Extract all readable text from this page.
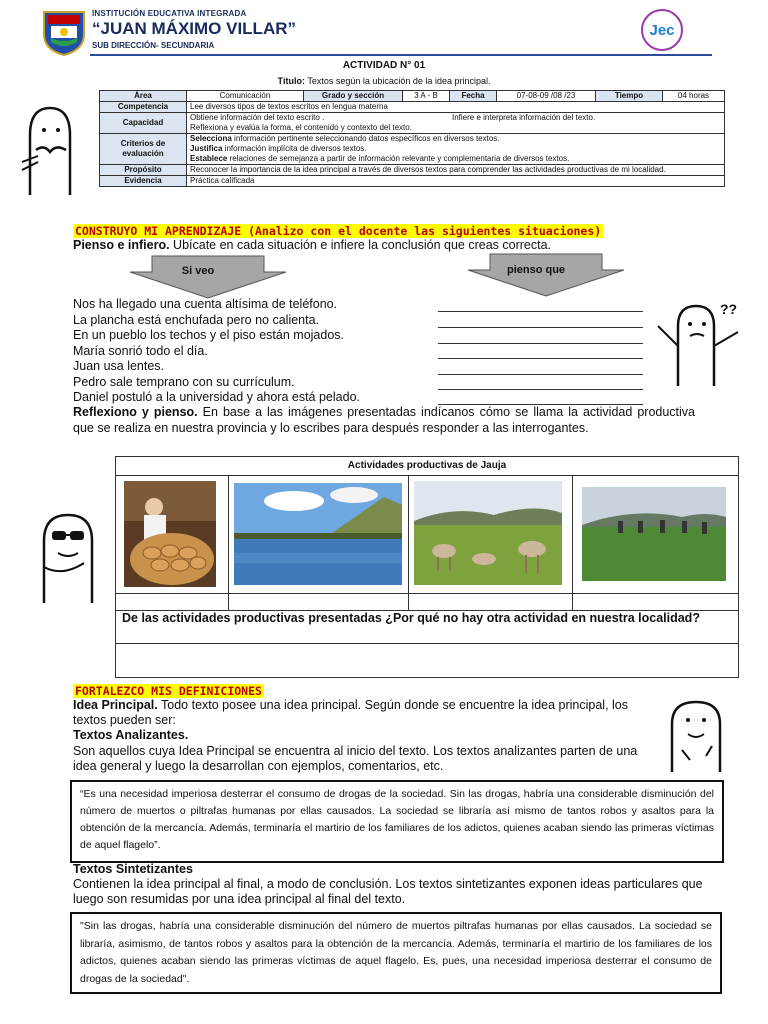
INSTITUCIÓN EDUCATIVA INTEGRADA
“JUAN MÁXIMO VILLAR”
SUB DIRECCIÓN- SECUNDARIA
Jec
ACTIVIDAD N° 01
Título: Textos según la ubicación de la idea principal.
Área	Comunicación	Grado y sección	3 A - B	Fecha	07-08-09 /08 /23	Tiempo	04 horas
Competencia	Lee diversos tipos de textos escritos en lengua materna						
Capacidad	Obtiene información del texto escrito . Infiere e interpreta información del texto.
Reflexiona y evalúa la forma, el contenido y contexto del texto.						

Criterios de evaluación	Selecciona información pertinente seleccionando datos específicos en diversos textos.
Justifica información implícita de diversos textos.
Establece relaciones de semejanza a partir de información relevante y complementaria de diversos textos.						

Propósito	Reconocer la importancia de la idea principal a través de diversos textos para comprender las actividades productivas de mi localidad.						
Evidencia	Práctica calificada						
??
CONSTRUYO MI APRENDIZAJE (Analizo con el docente las siguientes situaciones)
Pienso e infiero. Ubícate en cada situación e infiere la conclusión que creas correcta.
Si veo	pienso que
Nos ha llegado una cuenta altísima de teléfono.
La plancha está enchufada pero no calienta.
En un pueblo los techos y el piso están mojados.
María sonrió todo el día.
Juan usa lentes.
Pedro sale temprano con su currículum.
Daniel postuló a la universidad y ahora está pelado.
Reflexiono y pienso. En base a las imágenes presentadas indícanos cómo se llama la actividad productiva que se realiza en nuestra provincia y lo escribes para después responder a las interrogantes.
Actividades productivas de Jauja
De las actividades productivas presentadas ¿Por qué no hay otra actividad en nuestra localidad?
FORTALEZCO MIS DEFINICIONES
Idea Principal. Todo texto posee una idea principal. Según donde se encuentre la idea principal, los textos pueden ser:
Textos Analizantes.
Son aquellos cuya Idea Principal se encuentra al inicio del texto. Los textos analizantes parten de una idea general y luego la desarrollan con ejemplos, comentarios, etc.
“Es una necesidad imperiosa desterrar el consumo de drogas de la sociedad. Sin las drogas, habría una considerable disminución del número de muertos o piltrafas humanas por ellas causados. La sociedad se libraría así mismo de tantos robos y asaltos para la obtención de la mercancía. Además, terminaría el martirio de los familiares de los adictos, quienes acaban siendo las primeras víctimas de aquel flagelo”.
Textos Sintetizantes
Contienen la idea principal al final, a modo de conclusión. Los textos sintetizantes exponen ideas particulares que luego son resumidas por una idea principal al final del texto.
"Sin las drogas, habría una considerable disminución del número de muertos piltrafas humanas por ellas causados. La sociedad se libraría, asimismo, de tantos robos y asaltos para la obtención de la mercancía. Además, terminaría el martirio de los familiares de los adictos, quienes acaban siendo las primeras víctimas de aquel flagelo. Es, pues, una necesidad imperiosa desterrar el consumo de drogas de la sociedad".
